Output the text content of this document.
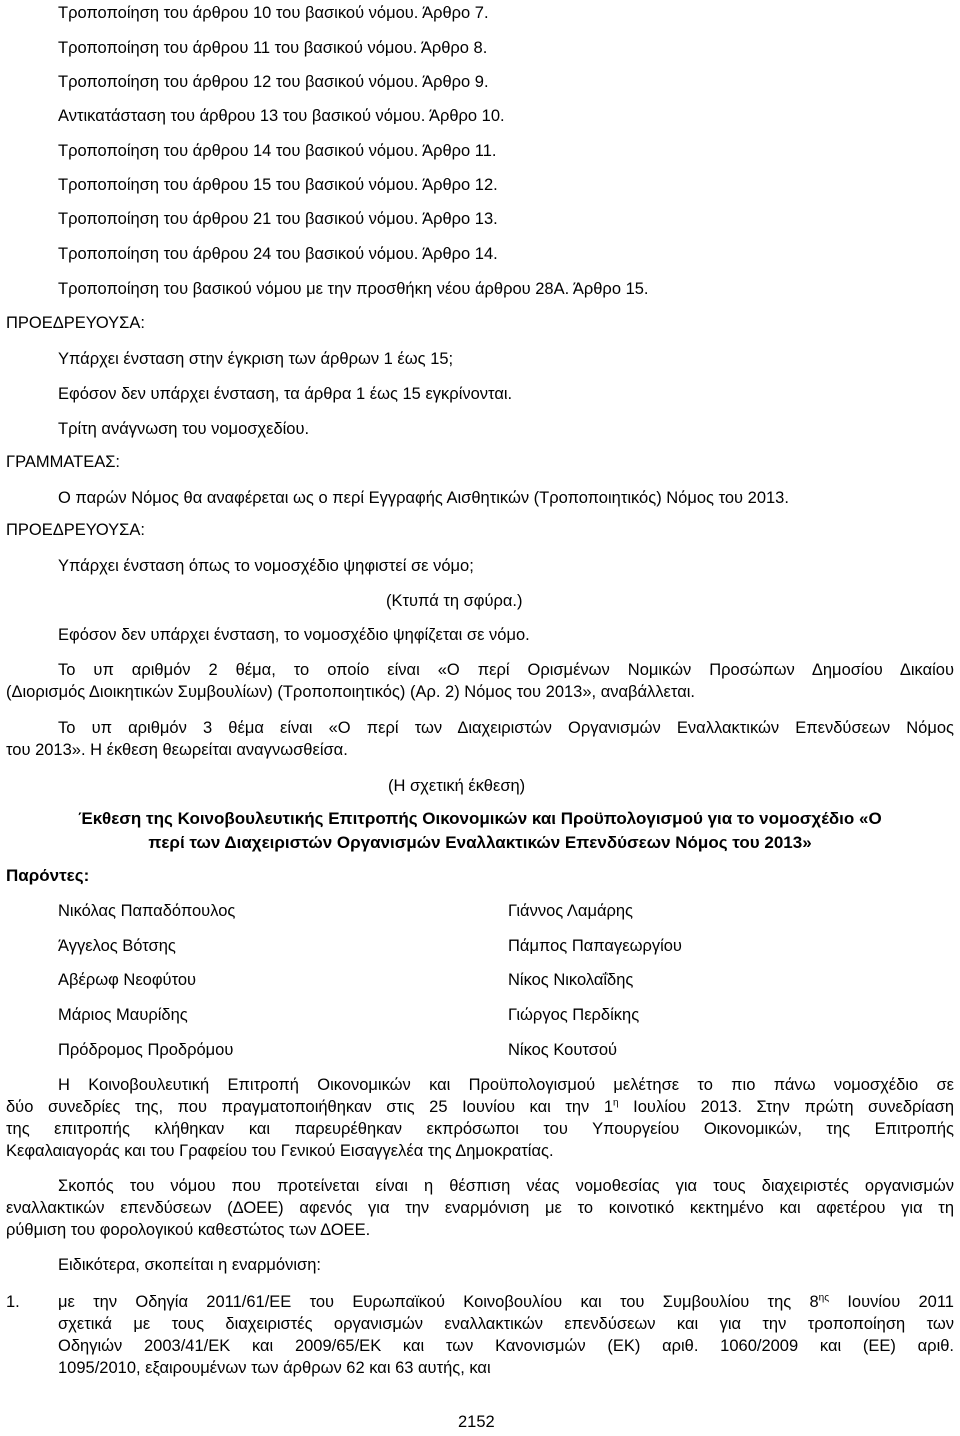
Τροποποίηση του άρθρου 10 του βασικού νόμου. Άρθρο 7.
Τροποποίηση του άρθρου 11 του βασικού νόμου. Άρθρο 8.
Τροποποίηση του άρθρου 12 του βασικού νόμου. Άρθρο 9.
Αντικατάσταση του άρθρου 13 του βασικού νόμου. Άρθρο 10.
Τροποποίηση του άρθρου 14 του βασικού νόμου. Άρθρο 11.
Τροποποίηση του άρθρου 15 του βασικού νόμου. Άρθρο 12.
Τροποποίηση του άρθρου 21 του βασικού νόμου. Άρθρο 13.
Τροποποίηση του άρθρου 24 του βασικού νόμου. Άρθρο 14.
Τροποποίηση του βασικού νόμου με την προσθήκη νέου άρθρου 28Α. Άρθρο 15.
ΠΡΟΕΔΡΕΥΟΥΣΑ:
Υπάρχει ένσταση στην έγκριση των άρθρων 1 έως 15;
Εφόσον δεν υπάρχει ένσταση, τα άρθρα 1 έως 15 εγκρίνονται.
Τρίτη ανάγνωση του νομοσχεδίου.
ΓΡΑΜΜΑΤΕΑΣ:
Ο παρών Νόμος θα αναφέρεται ως ο περί Εγγραφής Αισθητικών (Τροποποιητικός) Νόμος του 2013.
ΠΡΟΕΔΡΕΥΟΥΣΑ:
Υπάρχει ένσταση όπως το νομοσχέδιο ψηφιστεί σε νόμο;
(Κτυπά τη σφύρα.)
Εφόσον δεν υπάρχει ένσταση, το νομοσχέδιο ψηφίζεται σε νόμο.
Το υπ αριθμόν 2 θέμα, το οποίο είναι «Ο περί Ορισμένων Νομικών Προσώπων Δημοσίου Δικαίου
(Διορισμός Διοικητικών Συμβουλίων) (Τροποποιητικός) (Αρ. 2) Νόμος του 2013», αναβάλλεται.
Το υπ αριθμόν 3 θέμα είναι «Ο περί των Διαχειριστών Οργανισμών Εναλλακτικών Επενδύσεων Νόμος
του 2013». Η έκθεση θεωρείται αναγνωσθείσα.
(Η σχετική έκθεση)
Έκθεση της Κοινοβουλευτικής Επιτροπής Οικονομικών και Προϋπολογισμού για το νομοσχέδιο «Ο
περί των Διαχειριστών Οργανισμών Εναλλακτικών Επενδύσεων Νόμος του 2013»
Παρόντες:
Νικόλας Παπαδόπουλος
Άγγελος Βότσης
Αβέρωφ Νεοφύτου
Μάριος Μαυρίδης
Πρόδρομος Προδρόμου
Γιάννος Λαμάρης
Πάμπος Παπαγεωργίου
Νίκος Νικολαΐδης
Γιώργος Περδίκης
Νίκος Κουτσού
Η Κοινοβουλευτική Επιτροπή Οικονομικών και Προϋπολογισμού μελέτησε το πιο πάνω νομοσχέδιο σε
δύο συνεδρίες της, που πραγματοποιήθηκαν στις 25 Ιουνίου και την $1^\eta$ Ιουλίου 2013. Στην πρώτη συνεδρίαση
της επιτροπής κλήθηκαν και παρευρέθηκαν εκπρόσωποι του Υπουργείου Οικονομικών, της Επιτροπής
Κεφαλαιαγοράς και του Γραφείου του Γενικού Εισαγγελέα της Δημοκρατίας.
Σκοπός του νόμου που προτείνεται είναι η θέσπιση νέας νομοθεσίας για τους διαχειριστές οργανισμών
εναλλακτικών επενδύσεων (ΔΟΕΕ) αφενός για την εναρμόνιση με το κοινοτικό κεκτημένο και αφετέρου για τη
ρύθμιση του φορολογικού καθεστώτος των ΔΟΕΕ.
Ειδικότερα, σκοπείται η εναρμόνιση:
1. με την Οδηγία 2011/61/ΕΕ του Ευρωπαϊκού Κοινοβουλίου και του Συμβουλίου της $8^{\eta\varsigma}$ Ιουνίου 2011
σχετικά με τους διαχειριστές οργανισμών εναλλακτικών επενδύσεων και για την τροποποίηση των
Οδηγιών 2003/41/ΕΚ και 2009/65/ΕΚ και των Κανονισμών (ΕΚ) αριθ. 1060/2009 και (ΕΕ) αριθ.
1095/2010, εξαιρουμένων των άρθρων 62 και 63 αυτής, και
2152
